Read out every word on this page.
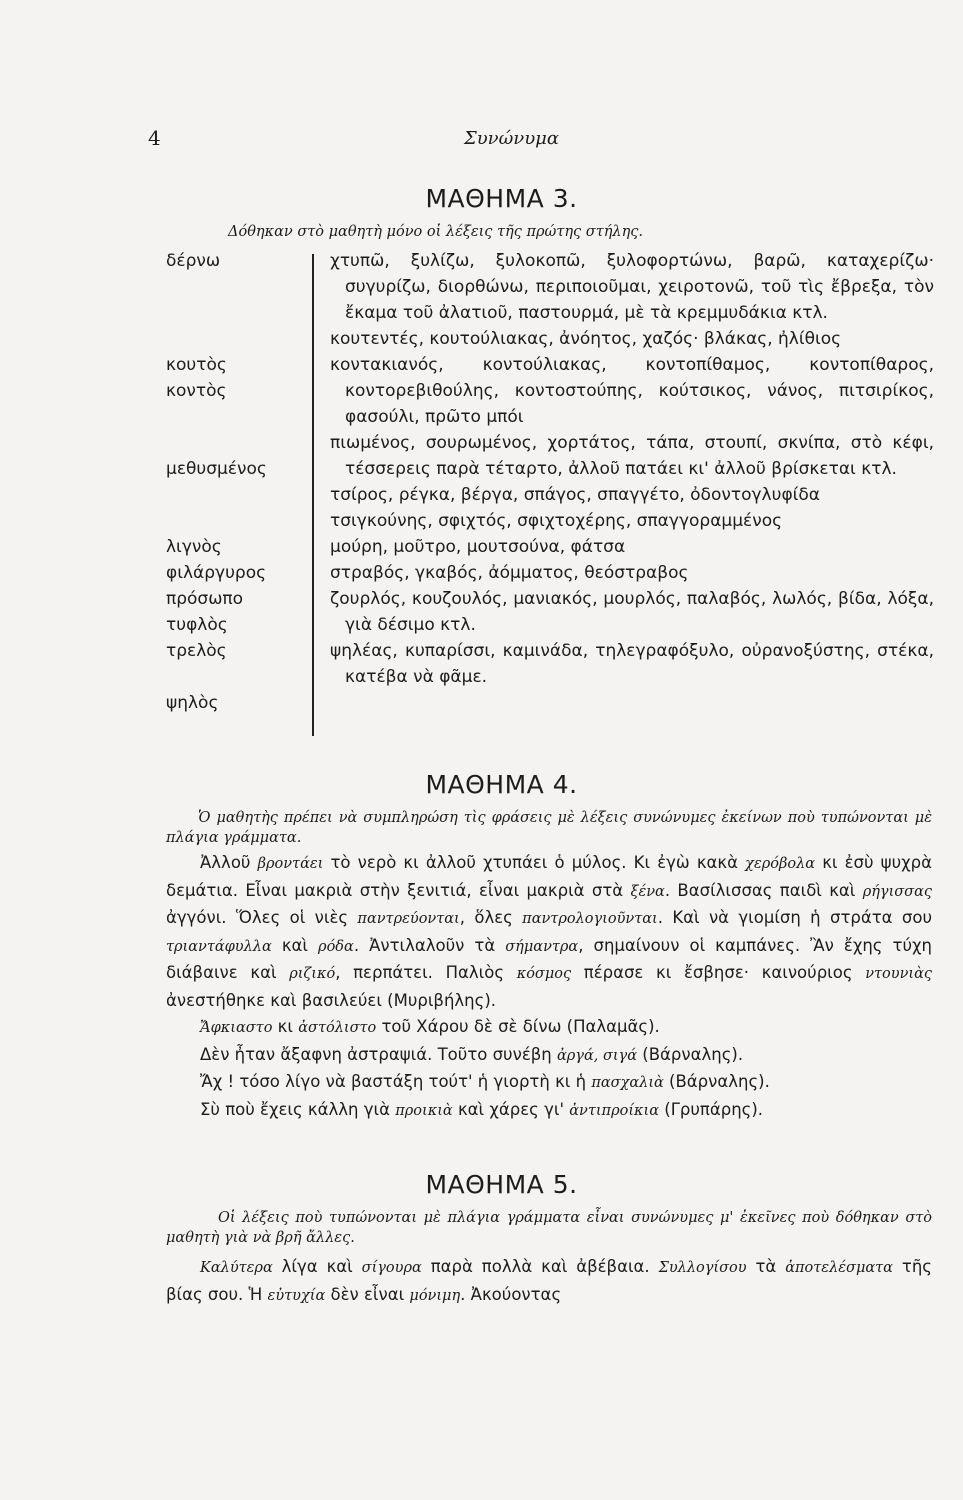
4	Συνώνυμα
ΜΑΘΗΜΑ 3.
Δόθηκαν στὸ μαθητὴ μόνο οἱ λέξεις τῆς πρώτης στήλης.
δέρνω

κουτὸς
κοντὸς

μεθυσμένος

λιγνὸς
φιλάργυρος
πρόσωπο
τυφλὸς
τρελὸς

ψηλὸς
χτυπῶ, ξυλίζω, ξυλοκοπῶ, ξυλοφορτώνω, βαρῶ, καταχερίζω· συγυρίζω, διορθώνω, περιποιοῦμαι, χειροτονῶ, τοῦ τὶς ἔβρεξα, τὸν ἔκαμα τοῦ ἀλατιοῦ, παστουρμά, μὲ τὰ κρεμμυδάκια κτλ.
κουτεντές, κουτούλιακας, ἀνόητος, χαζός· βλάκας, ἠλίθιος
κοντακιανός, κοντούλιακας, κοντοπίθαμος, κοντοπίθαρος, κοντορεβιθούλης, κοντοστούπης, κούτσικος, νάνος, πιτσιρίκος, φασούλι, πρῶτο μπόι
πιωμένος, σουρωμένος, χορτάτος, τάπα, στουπί, σκνίπα, στὸ κέφι, τέσσερεις παρὰ τέταρτο, ἀλλοῦ πατάει κι' ἀλλοῦ βρίσκεται κτλ.
τσίρος, ρέγκα, βέργα, σπάγος, σπαγγέτο, ὀδοντογλυφίδα
τσιγκούνης, σφιχτός, σφιχτοχέρης, σπαγγοραμμένος
μούρη, μοῦτρο, μουτσούνα, φάτσα
στραβός, γκαβός, ἀόμματος, θεόστραβος
ζουρλός, κουζουλός, μανιακός, μουρλός, παλαβός, λωλός, βίδα, λόξα, γιὰ δέσιμο κτλ.
ψηλέας, κυπαρίσσι, καμινάδα, τηλεγραφόξυλο, οὐρανοξύστης, στέκα, κατέβα νὰ φᾶμε.
ΜΑΘΗΜΑ 4.
Ὁ μαθητὴς πρέπει νὰ συμπληρώση τὶς φράσεις μὲ λέξεις συνώνυμες ἐκείνων ποὺ τυπώνονται μὲ πλάγια γράμματα.

Ἀλλοῦ βροντάει τὸ νερὸ κι ἀλλοῦ χτυπάει ὁ μύλος. Κι ἐγὼ κακὰ χερόβολα κι ἐσὺ ψυχρὰ δεμάτια. Εἶναι μακριὰ στὴν ξενιτιά, εἶναι μακριὰ στὰ ξένα. Βασίλισσας παιδὶ καὶ ρήγισσας ἀγγόνι. Ὅλες οἱ νιὲς παντρεύονται, ὅλες παντρολογιοῦνται. Καὶ νὰ γιομίση ἡ στράτα σου τριαντάφυλλα καὶ ρόδα. Ἀντιλαλοῦν τὰ σήμαντρα, σημαίνουν οἱ καμπάνες. Ἂν ἔχης τύχη διάβαινε καὶ ριζικό, περπάτει. Παλιὸς κόσμος πέρασε κι ἔσβησε· καινούριος ντουνιὰς ἀνεστήθηκε καὶ βασιλεύει (Μυριβήλης).

Ἄφκιαστο κι ἀστόλιστο τοῦ Χάρου δὲ σὲ δίνω (Παλαμᾶς).
Δὲν ἦταν ἄξαφνη ἀστραψιά. Τοῦτο συνέβη ἀργά, σιγά (Βάρναλης).
Ἄχ ! τόσο λίγο νὰ βαστάξη τούτ' ἡ γιορτὴ κι ἡ πασχαλιὰ (Βάρναλης).
Σὺ ποὺ ἔχεις κάλλη γιὰ προικιὰ καὶ χάρες γι' ἀντιπροίκια (Γρυπάρης).
ΜΑΘΗΜΑ 5.
Οἱ λέξεις ποὺ τυπώνονται μὲ πλάγια γράμματα εἶναι συνώνυμες μ' ἐκεῖνες ποὺ δόθηκαν στὸ μαθητὴ γιὰ νὰ βρῆ ἄλλες.

Καλύτερα λίγα καὶ σίγουρα παρὰ πολλὰ καὶ ἀβέβαια. Συλλογίσου τὰ ἀποτελέσματα τῆς βίας σου. Ἡ εὐτυχία δὲν εἶναι μόνιμη. Ἀκούοντας
